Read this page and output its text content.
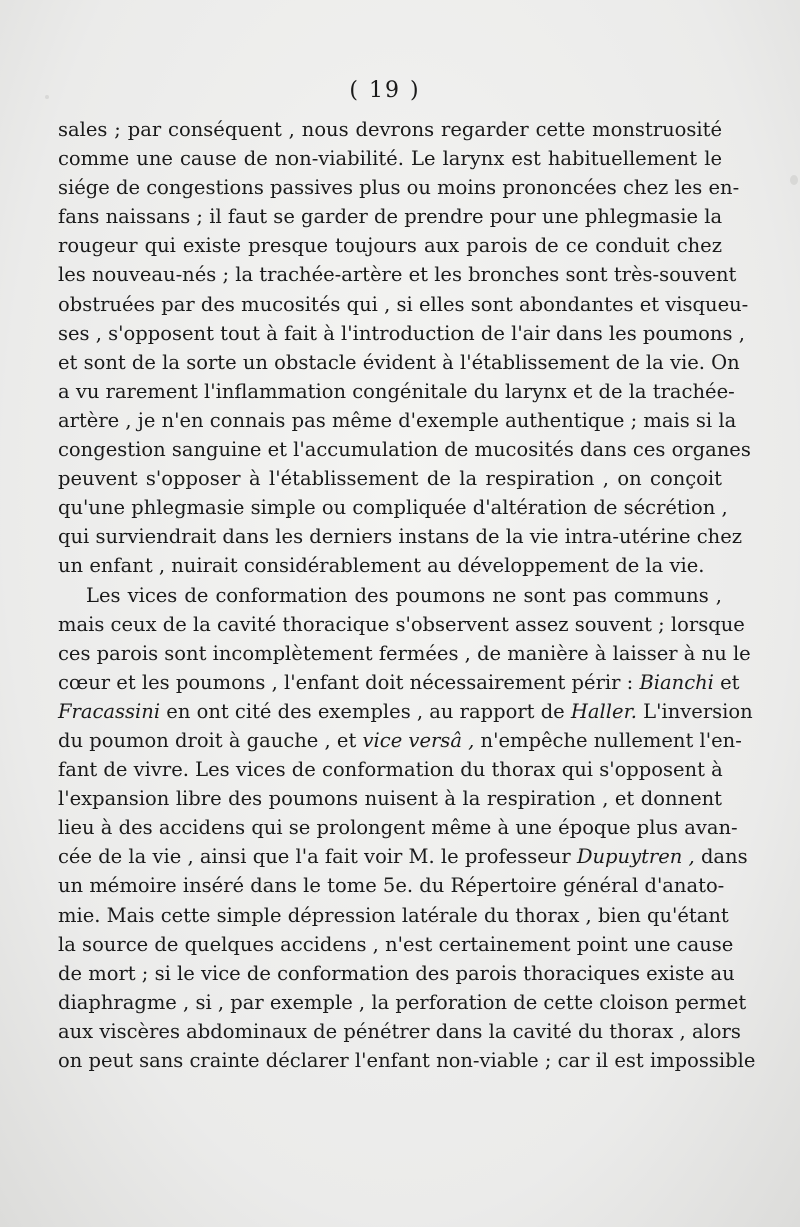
( 19 )
sales ; par conséquent , nous devrons regarder cette monstruosité
comme une cause de non-viabilité. Le larynx est habituellement le
siége de congestions passives plus ou moins prononcées chez les en-
fans naissans ; il faut se garder de prendre pour une phlegmasie la
rougeur qui existe presque toujours aux parois de ce conduit chez
les nouveau-nés ; la trachée-artère et les bronches sont très-souvent
obstruées par des mucosités qui , si elles sont abondantes et visqueu-
ses , s'opposent tout à fait à l'introduction de l'air dans les poumons ,
et sont de la sorte un obstacle évident à l'établissement de la vie. On
a vu rarement l'inflammation congénitale du larynx et de la trachée-
artère , je n'en connais pas même d'exemple authentique ; mais si la
congestion sanguine et l'accumulation de mucosités dans ces organes
peuvent s'opposer à l'établissement de la respiration , on conçoit
qu'une phlegmasie simple ou compliquée d'altération de sécrétion ,
qui surviendrait dans les derniers instans de la vie intra-utérine chez
un enfant , nuirait considérablement au développement de la vie.
Les vices de conformation des poumons ne sont pas communs ,
mais ceux de la cavité thoracique s'observent assez souvent ; lorsque
ces parois sont incomplètement fermées , de manière à laisser à nu le
cœur et les poumons , l'enfant doit nécessairement périr : Bianchi et
Fracassini en ont cité des exemples , au rapport de Haller. L'inversion
du poumon droit à gauche , et vice versâ , n'empêche nullement l'en-
fant de vivre. Les vices de conformation du thorax qui s'opposent à
l'expansion libre des poumons nuisent à la respiration , et donnent
lieu à des accidens qui se prolongent même à une époque plus avan-
cée de la vie , ainsi que l'a fait voir M. le professeur Dupuytren , dans
un mémoire inséré dans le tome 5e. du Répertoire général d'anato-
mie. Mais cette simple dépression latérale du thorax , bien qu'étant
la source de quelques accidens , n'est certainement point une cause
de mort ; si le vice de conformation des parois thoraciques existe au
diaphragme , si , par exemple , la perforation de cette cloison permet
aux viscères abdominaux de pénétrer dans la cavité du thorax , alors
on peut sans crainte déclarer l'enfant non-viable ; car il est impossible
